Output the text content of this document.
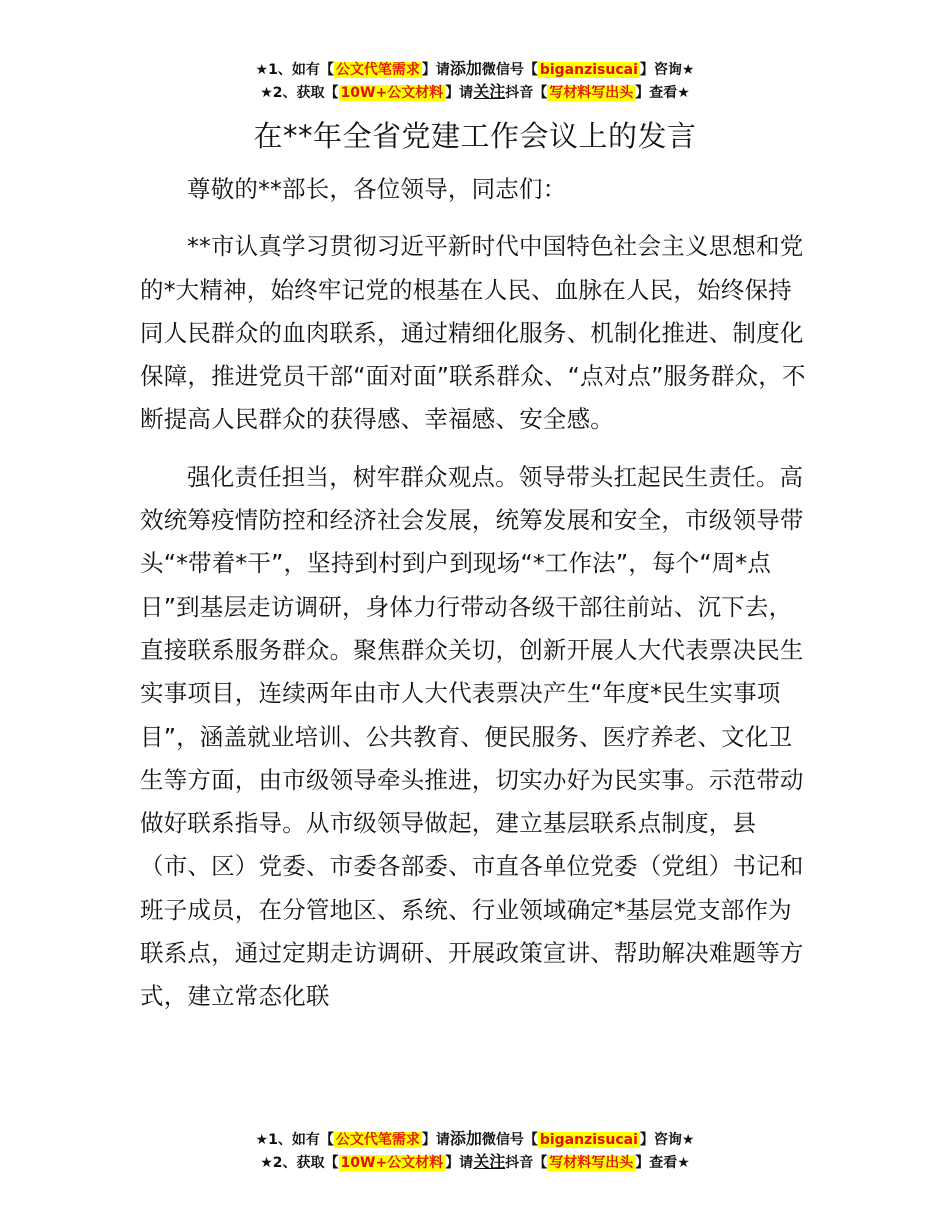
★1、如有【 公文代笔需求 】请添加微信号【 biganzisucai 】咨询★
★2、获取【 10W+公文材料 】请关注抖音【 写材料写出头 】查看★
在**年全省党建工作会议上的发言

尊敬的**部长，各位领导，同志们：

**市认真学习贯彻习近平新时代中国特色社会主义思想和党的*大精神，始终牢记党的根基在人民、血脉在人民，始终保持同人民群众的血肉联系，通过精细化服务、机制化推进、制度化保障，推进党员干部“面对面”联系群众、“点对点”服务群众，不断提高人民群众的获得感、幸福感、安全感。

强化责任担当，树牢群众观点。领导带头扛起民生责任。高效统筹疫情防控和经济社会发展，统筹发展和安全，市级领导带头“*带着*干”，坚持到村到户到现场“*工作法”，每个“周*点日”到基层走访调研，身体力行带动各级干部往前站、沉下去，直接联系服务群众。聚焦群众关切，创新开展人大代表票决民生实事项目，连续两年由市人大代表票决产生“年度*民生实事项目”，涵盖就业培训、公共教育、便民服务、医疗养老、文化卫生等方面，由市级领导牵头推进，切实办好为民实事。示范带动做好联系指导。从市级领导做起，建立基层联系点制度，县（市、区）党委、市委各部委、市直各单位党委（党组）书记和班子成员，在分管地区、系统、行业领域确定*基层党支部作为联系点，通过定期走访调研、开展政策宣讲、帮助解决难题等方式，建立常态化联

★1、如有【 公文代笔需求 】请添加微信号【 biganzisucai 】咨询★
★2、获取【 10W+公文材料 】请关注抖音【 写材料写出头 】查看★
